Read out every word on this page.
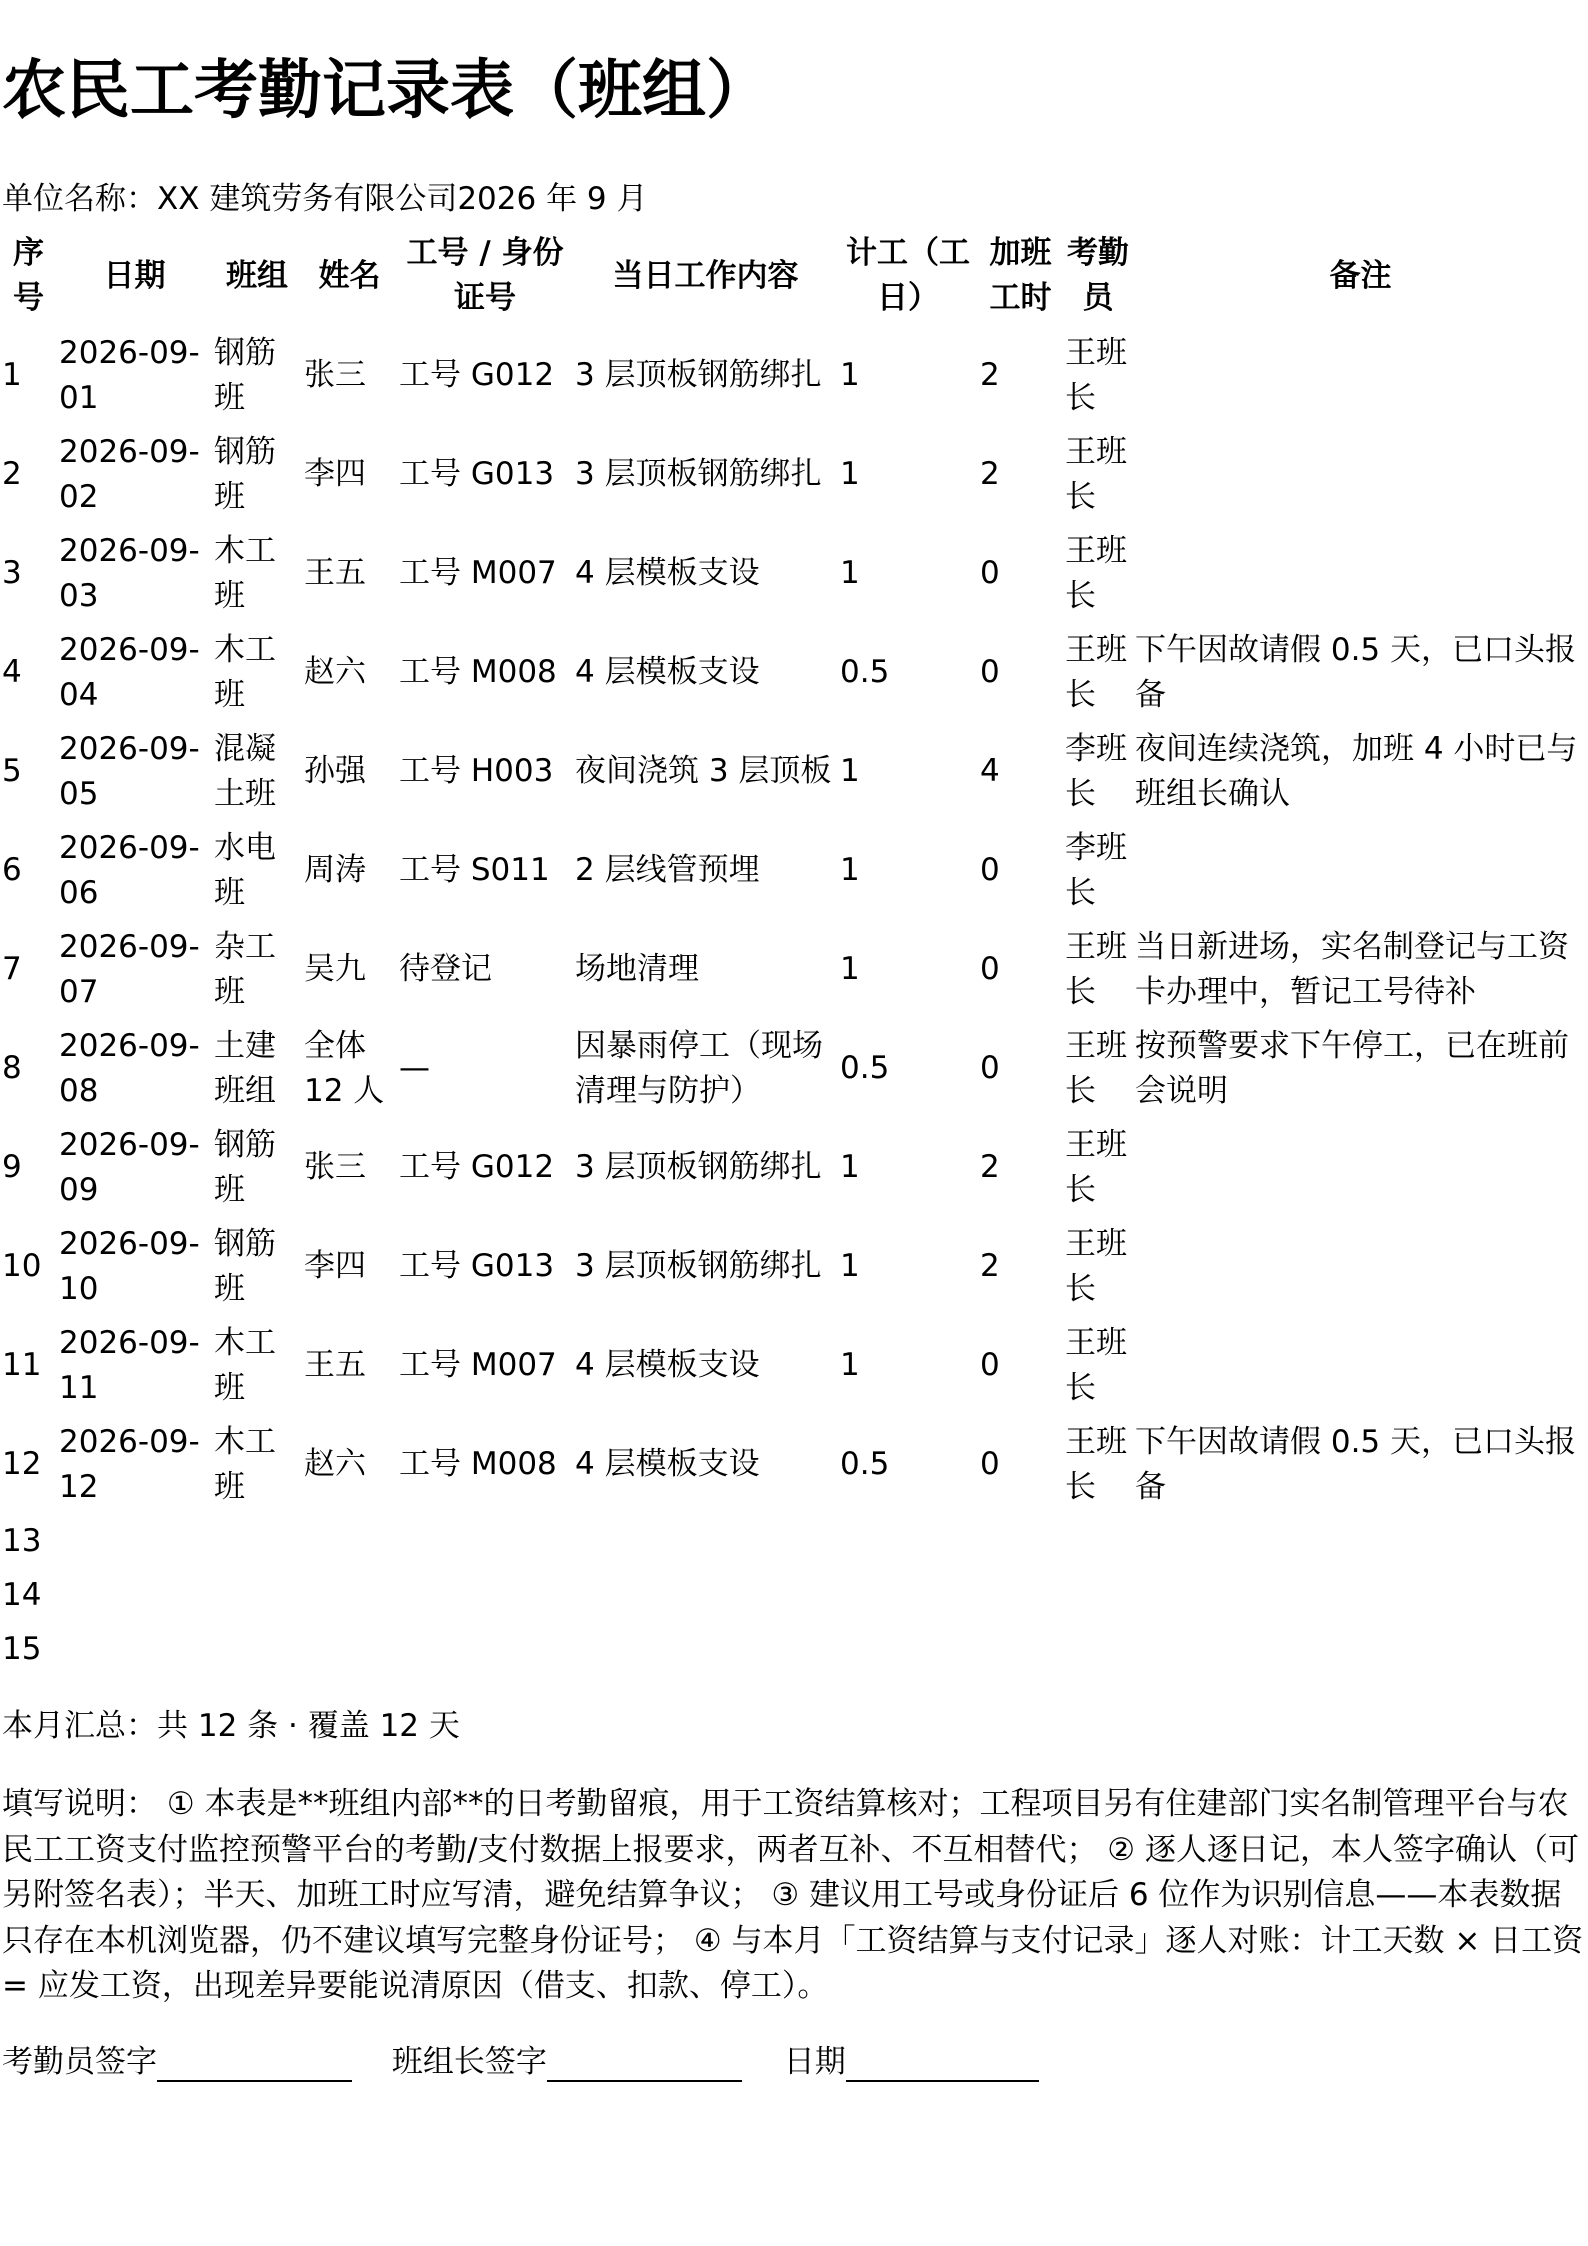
农民工考勤记录表（班组）
单位名称：XX 建筑劳务有限公司2026 年 9 月
序号	日期	班组	姓名	工号 / 身份证号	当日工作内容	计工（工日）	加班工时	考勤员	备注
1	2026-09-01	钢筋班	张三	工号 G012	3 层顶板钢筋绑扎	1	2	王班长	
2	2026-09-02	钢筋班	李四	工号 G013	3 层顶板钢筋绑扎	1	2	王班长	
3	2026-09-03	木工班	王五	工号 M007	4 层模板支设	1	0	王班长	
4	2026-09-04	木工班	赵六	工号 M008	4 层模板支设	0.5	0	王班长	下午因故请假 0.5 天，已口头报备
5	2026-09-05	混凝土班	孙强	工号 H003	夜间浇筑 3 层顶板	1	4	李班长	夜间连续浇筑，加班 4 小时已与班组长确认
6	2026-09-06	水电班	周涛	工号 S011	2 层线管预埋	1	0	李班长	
7	2026-09-07	杂工班	吴九	待登记	场地清理	1	0	王班长	当日新进场，实名制登记与工资卡办理中，暂记工号待补
8	2026-09-08	土建班组	全体 12 人	—	因暴雨停工（现场清理与防护）	0.5	0	王班长	按预警要求下午停工，已在班前会说明
9	2026-09-09	钢筋班	张三	工号 G012	3 层顶板钢筋绑扎	1	2	王班长	
10	2026-09-10	钢筋班	李四	工号 G013	3 层顶板钢筋绑扎	1	2	王班长	
11	2026-09-11	木工班	王五	工号 M007	4 层模板支设	1	0	王班长	
12	2026-09-12	木工班	赵六	工号 M008	4 层模板支设	0.5	0	王班长	下午因故请假 0.5 天，已口头报备
13									
14									
15									
本月汇总：共 12 条 · 覆盖 12 天
填写说明： ① 本表是**班组内部**的日考勤留痕，用于工资结算核对；工程项目另有住建部门实名制管理平台与农民工工资支付监控预警平台的考勤/支付数据上报要求，两者互补、不互相替代； ② 逐人逐日记，本人签字确认（可另附签名表）；半天、加班工时应写清，避免结算争议； ③ 建议用工号或身份证后 6 位作为识别信息——本表数据只存在本机浏览器，仍不建议填写完整身份证号； ④ 与本月「工资结算与支付记录」逐人对账：计工天数 × 日工资 = 应发工资，出现差异要能说清原因（借支、扣款、停工）。
考勤员签字	班组长签字	日期
